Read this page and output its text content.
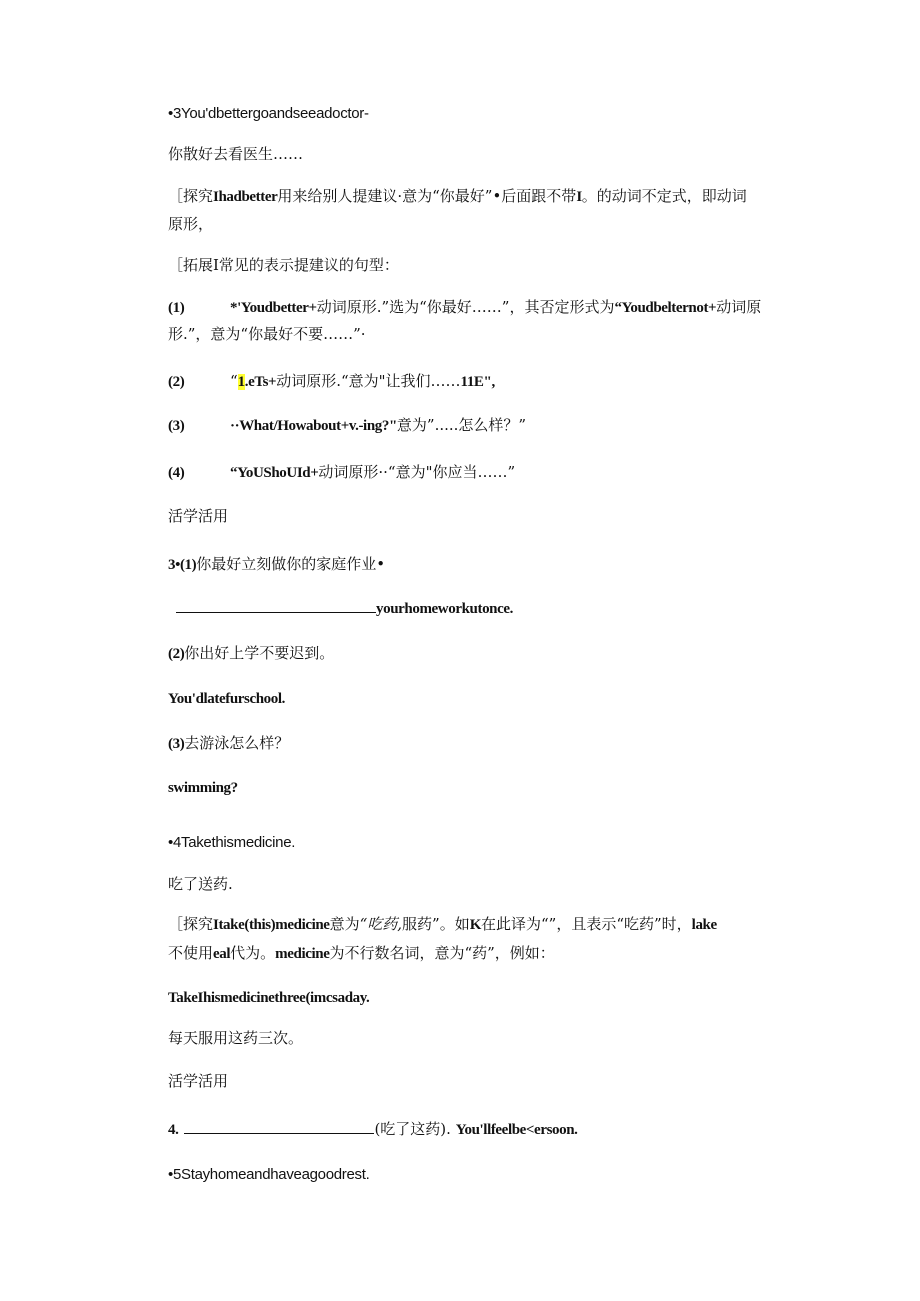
•3You'dbettergoandseeadoctor-
你散好去看医生……
［探究Ihadbetter用来给别人提建议·意为“你最好”•后面跟不带I。的动词不定式，即动词
原形，
［拓展I常见的表示提建议的句型：
(1)	*'Youdbetter+动词原形.”选为“你最好……”，其否定形式为“Youdbelternot+动词原
形.”，意为“你最好不要……”·
(2)	“1.eTs+动词原形.“意为"让我们……11E",
(3)	··What/Howabout+v.-ing?"意为”.....怎么样？”
(4)	“YoUShoUId+动词原形··“意为"你应当……”
活学活用
3•(1)你最好立刻做你的家庭作业•
yourhomeworkutonce.
(2)你出好上学不要迟到。
You'dlatefurschool.
(3)去游泳怎么样？
swimming?
•4Takethismedicine.
吃了送药.
［探究Itake(this)medicine意为“吃药,服药”。如K在此译为“”，且表示“吃药”时，lake
不使用eal代为。medicine为不行数名词，意为“药”，例如：
TakeIhismedicinethree(imcsaday.
每天服用这药三次。
活学活用
4.	(吃了这药). You'llfeelbe<ersoon.
•5Stayhomeandhaveagoodrest.
